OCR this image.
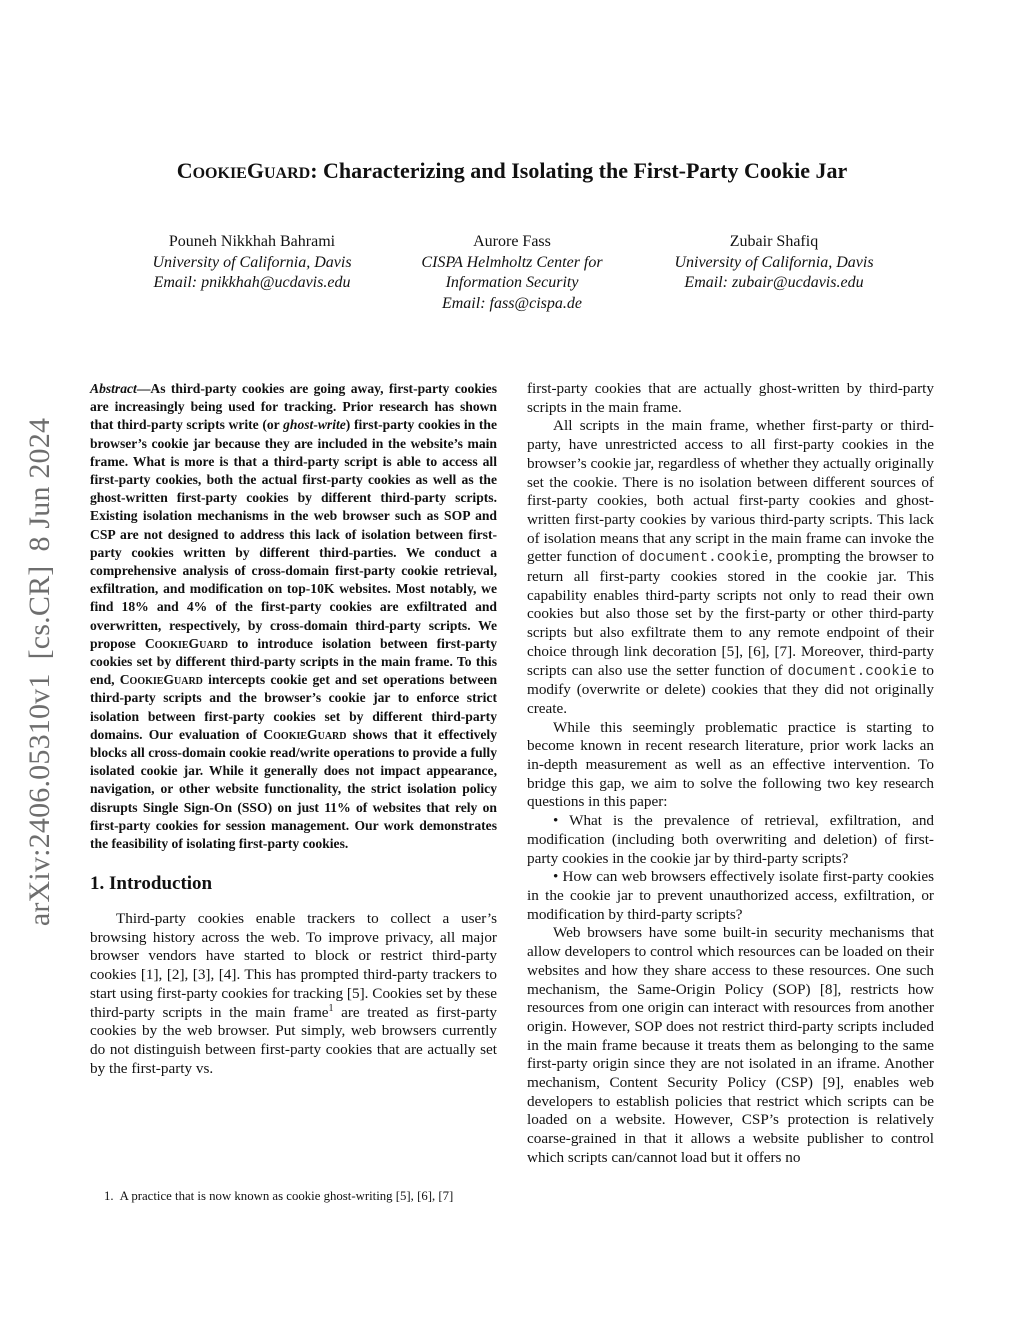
arXiv:2406.05310v1[cs.CR]8 Jun 2024
COOKIEGUARD: Characterizing and Isolating the First-Party Cookie Jar
Pouneh Nikkhah Bahrami
University of California, Davis
Email: pnikkhah@ucdavis.edu
Aurore Fass
CISPA Helmholtz Center for
Information Security
Email: fass@cispa.de
Zubair Shafiq
University of California, Davis
Email: zubair@ucdavis.edu

Abstract—As third-party cookies are going away, first-party cookies are increasingly being used for tracking. Prior research has shown that third-party scripts write (or ghost-write) first-party cookies in the browser’s cookie jar because they are included in the website’s main frame. What is more is that a third-party script is able to access all first-party cookies, both the actual first-party cookies as well as the ghost-written first-party cookies by different third-party scripts. Existing isolation mechanisms in the web browser such as SOP and CSP are not designed to address this lack of isolation between first-party cookies written by different third-parties. We conduct a comprehensive analysis of cross-domain first-party cookie retrieval, exfiltration, and modification on top-10K websites. Most notably, we find 18% and 4% of the first-party cookies are exfiltrated and overwritten, respectively, by cross-domain third-party scripts. We propose CookieGuard to introduce isolation between first-party cookies set by different third-party scripts in the main frame. To this end, CookieGuard intercepts cookie get and set operations between third-party scripts and the browser’s cookie jar to enforce strict isolation between first-party cookies set by different third-party domains. Our evaluation of CookieGuard shows that it effectively blocks all cross-domain cookie read/write operations to provide a fully isolated cookie jar. While it generally does not impact appearance, navigation, or other website functionality, the strict isolation policy disrupts Single Sign-On (SSO) on just 11% of websites that rely on first-party cookies for session management. Our work demonstrates the feasibility of isolating first-party cookies.

1. Introduction

Third-party cookies enable trackers to collect a user’s browsing history across the web. To improve privacy, all major browser vendors have started to block or restrict third-party cookies [1], [2], [3], [4]. This has prompted third-party trackers to start using first-party cookies for tracking [5]. Cookies set by these third-party scripts in the main frame$^1$ are treated as first-party cookies by the web browser. Put simply, web browsers currently do not distinguish between first-party cookies that are actually set by the first-party vs.

1. A practice that is now known as cookie ghost-writing [5], [6], [7]

first-party cookies that are actually ghost-written by third-party scripts in the main frame.

All scripts in the main frame, whether first-party or third-party, have unrestricted access to all first-party cookies in the browser’s cookie jar, regardless of whether they actually originally set the cookie. There is no isolation between different sources of first-party cookies, both actual first-party cookies and ghost-written first-party cookies by various third-party scripts. This lack of isolation means that any script in the main frame can invoke the getter function of document.cookie, prompting the browser to return all first-party cookies stored in the cookie jar. This capability enables third-party scripts not only to read their own cookies but also those set by the first-party or other third-party scripts but also exfiltrate them to any remote endpoint of their choice through link decoration [5], [6], [7]. Moreover, third-party scripts can also use the setter function of document.cookie to modify (overwrite or delete) cookies that they did not originally create.

While this seemingly problematic practice is starting to become known in recent research literature, prior work lacks an in-depth measurement as well as an effective intervention. To bridge this gap, we aim to solve the following two key research questions in this paper:

• What is the prevalence of retrieval, exfiltration, and modification (including both overwriting and deletion) of first-party cookies in the cookie jar by third-party scripts?

• How can web browsers effectively isolate first-party cookies in the cookie jar to prevent unauthorized access, exfiltration, or modification by third-party scripts?

Web browsers have some built-in security mechanisms that allow developers to control which resources can be loaded on their websites and how they share access to these resources. One such mechanism, the Same-Origin Policy (SOP) [8], restricts how resources from one origin can interact with resources from another origin. However, SOP does not restrict third-party scripts included in the main frame because it treats them as belonging to the same first-party origin since they are not isolated in an iframe. Another mechanism, Content Security Policy (CSP) [9], enables web developers to establish policies that restrict which scripts can be loaded on a website. However, CSP’s protection is relatively coarse-grained in that it allows a website publisher to control which scripts can/cannot load but it offers no
